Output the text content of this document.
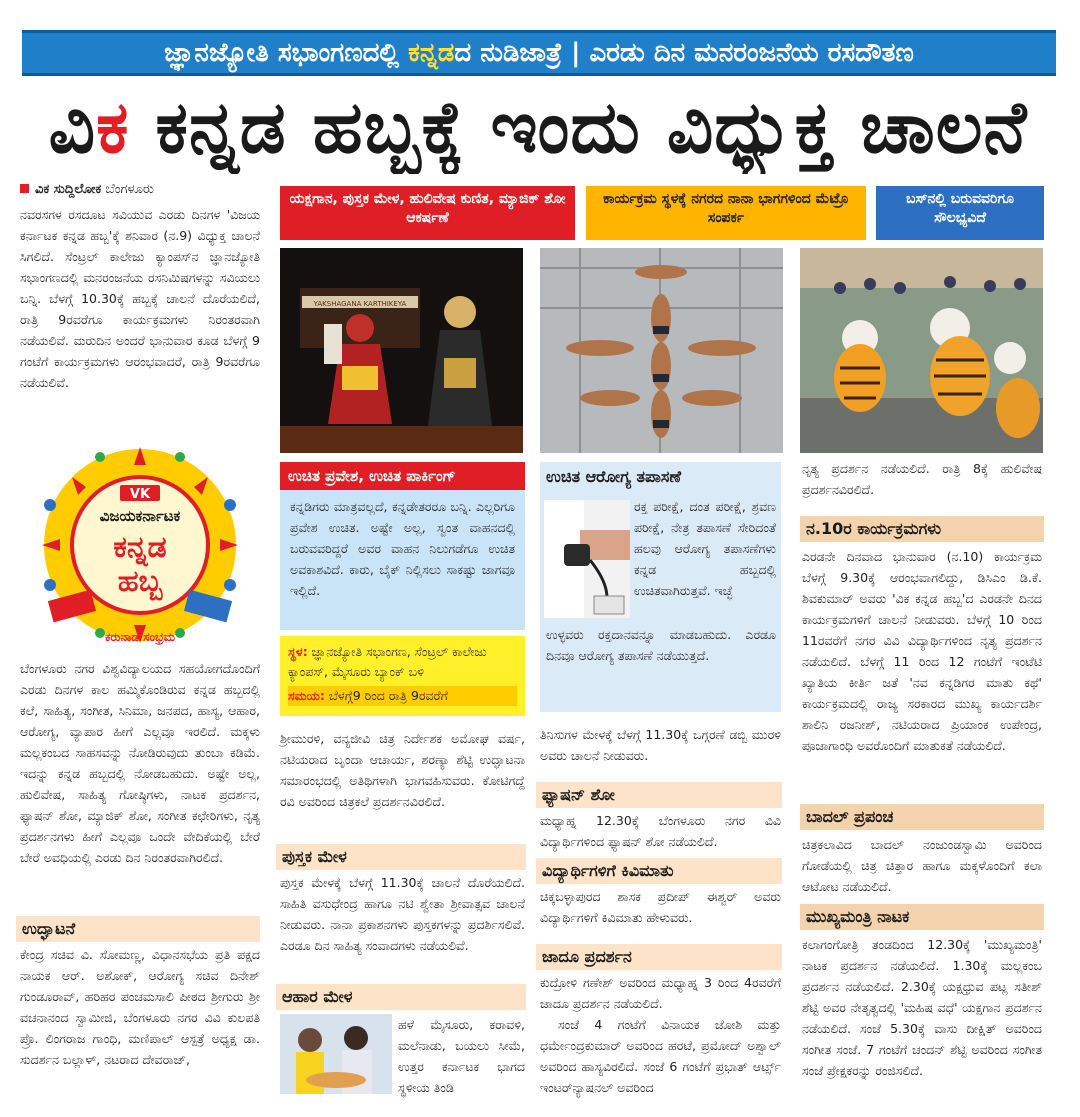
ಜ್ಞಾನಜ್ಯೋತಿ ಸಭಾಂಗಣದಲ್ಲಿ ಕನ್ನಡದ ನುಡಿಜಾತ್ರೆ | ಎರಡು ದಿನ ಮನರಂಜನೆಯ ರಸದೌತಣ
ವಿಕ ಕನ್ನಡ ಹಬ್ಬಕ್ಕೆ ಇಂದು ವಿಧ್ಯುಕ್ತ ಚಾಲನೆ
ವಿಕ ಸುದ್ದಿಲೋಕ ಬೆಂಗಳೂರು

ನವರಸಗಳ ರಸದೂಟ ಸವಿಯುವ ಎರಡು ದಿನಗಳ 'ವಿಜಯ ಕರ್ನಾಟಕ ಕನ್ನಡ ಹಬ್ಬ'ಕ್ಕೆ ಶನಿವಾರ (ನ.9) ವಿಧ್ಯುಕ್ತ ಚಾಲನೆ ಸಿಗಲಿದೆ. ಸೆಂಟ್ರಲ್ ಕಾಲೇಜು ಕ್ಯಾಂಪಸ್‌ನ ಜ್ಞಾನಜ್ಯೋತಿ ಸಭಾಂಗಣದಲ್ಲಿ ಮನರಂಜನೆಯ ರಸನಿಮಿಷಗಳನ್ನು ಸವಿಯಲು ಬನ್ನಿ. ಬೆಳಗ್ಗೆ 10.30ಕ್ಕೆ ಹಬ್ಬಕ್ಕೆ ಚಾಲನೆ ದೊರೆಯಲಿದೆ, ರಾತ್ರಿ 9ರವರೆಗೂ ಕಾರ್ಯಕ್ರಮಗಳು ನಿರಂತರವಾಗಿ ನಡೆಯಲಿವೆ. ಮರುದಿನ ಅಂದರೆ ಭಾನುವಾರ ಕೂಡ ಬೆಳಗ್ಗೆ 9 ಗಂಟೆಗೆ ಕಾರ್ಯಕ್ರಮಗಳು ಆರಂಭವಾದರೆ, ರಾತ್ರಿ 9ರವರೆಗೂ ನಡೆಯಲಿವೆ.

VK
ವಿಜಯಕರ್ನಾಟಕ
ಕನ್ನಡ
ಹಬ್ಬ
ಕರುನಾಡ ಸಂಭ್ರಮ

ಬೆಂಗಳೂರು ನಗರ ವಿಶ್ವವಿದ್ಯಾಲಯದ ಸಹಯೋಗದೊಂದಿಗೆ ಎರಡು ದಿನಗಳ ಕಾಲ ಹಮ್ಮಿಕೊಂಡಿರುವ ಕನ್ನಡ ಹಬ್ಬದಲ್ಲಿ ಕಲೆ, ಸಾಹಿತ್ಯ, ಸಂಗೀತ, ಸಿನಿಮಾ, ಜನಪದ, ಹಾಸ್ಯ, ಆಹಾರ, ಆರೋಗ್ಯ, ವ್ಯಾಪಾರ ಹೀಗೆ ಎಲ್ಲವೂ ಇರಲಿದೆ. ಮಕ್ಕಳು ಮಲ್ಲಕಂಬದ ಸಾಹಸವನ್ನು ನೋಡಿರುವುದು ತುಂಬಾ ಕಡಿಮೆ. ಇದನ್ನು ಕನ್ನಡ ಹಬ್ಬದಲ್ಲಿ ನೋಡಬಹುದು. ಅಷ್ಟೇ ಅಲ್ಲ, ಹುಲಿವೇಷ, ಸಾಹಿತ್ಯ ಗೋಷ್ಠಿಗಳು, ನಾಟಕ ಪ್ರದರ್ಶನ, ಫ್ಯಾಷನ್ ಶೋ, ಮ್ಯಾಜಿಕ್ ಶೋ, ಸಂಗೀತ ಕಛೇರಿಗಳು, ನೃತ್ಯ ಪ್ರದರ್ಶನಗಳು ಹೀಗೆ ಎಲ್ಲವೂ ಒಂದೇ ವೇದಿಕೆಯಲ್ಲಿ ಬೇರೆ ಬೇರೆ ಅವಧಿಯಲ್ಲಿ ಎರಡು ದಿನ ನಿರಂತರವಾಗಿರಲಿದೆ.

ಉದ್ಘಾಟನೆ

ಕೇಂದ್ರ ಸಚಿವ ವಿ. ಸೋಮಣ್ಣ, ವಿಧಾನಸಭೆಯ ಪ್ರತಿ ಪಕ್ಷದ ನಾಯಕ ಆರ್. ಅಶೋಕ್, ಆರೋಗ್ಯ ಸಚಿವ ದಿನೇಶ್ ಗುಂಡೂರಾವ್, ಹರಿಹರ ಪಂಚಮಸಾಲಿ ಪೀಠದ ಶ್ರೀಗುರು ಶ್ರೀ ವಚನಾನಂದ ಸ್ವಾಮೀಜಿ, ಬೆಂಗಳೂರು ನಗರ ವಿವಿ ಕುಲಪತಿ ಪ್ರೊ. ಲಿಂಗರಾಜ ಗಾಂಧಿ, ಮಣಿಪಾಲ್ ಆಸ್ಪತ್ರೆ ಅಧ್ಯಕ್ಷ ಡಾ. ಸುದರ್ಶನ ಬಲ್ಲಾಳ್, ನಟರಾದ ದೇವರಾಜ್,

ಯಕ್ಷಗಾನ, ಪುಸ್ತಕ ಮೇಳ, ಹುಲಿವೇಷ ಕುಣಿತ, ಮ್ಯಾಜಿಕ್ ಶೋ ಆಕರ್ಷಣೆ
ಕಾರ್ಯಕ್ರಮ ಸ್ಥಳಕ್ಕೆ ನಗರದ ನಾನಾ ಭಾಗಗಳಿಂದ ಮೆಟ್ರೊ ಸಂಪರ್ಕ
ಬಸ್‌ನಲ್ಲಿ ಬರುವವರಿಗೂ ಸೌಲಭ್ಯವಿದೆ
YAKSHAGANA KARTHIKEYA
ಉಚಿತ ಪ್ರವೇಶ, ಉಚಿತ ಪಾರ್ಕಿಂಗ್

ಕನ್ನಡಿಗರು ಮಾತ್ರವಲ್ಲದೆ, ಕನ್ನಡೇತರರೂ ಬನ್ನಿ. ಎಲ್ಲರಿಗೂ ಪ್ರವೇಶ ಉಚಿತ. ಅಷ್ಟೇ ಅಲ್ಲ, ಸ್ವಂತ ವಾಹನದಲ್ಲಿ ಬರುವವರಿದ್ದರೆ ಅವರ ವಾಹನ ನಿಲುಗಡೆಗೂ ಉಚಿತ ಅವಕಾಶವಿದೆ. ಕಾರು, ಬೈಕ್ ನಿಲ್ಲಿಸಲು ಸಾಕಷ್ಟು ಜಾಗವೂ ಇಲ್ಲಿದೆ.

ಸ್ಥಳ: ಜ್ಞಾನಜ್ಯೋತಿ ಸಭಾಂಗಣ, ಸೆಂಟ್ರಲ್ ಕಾಲೇಜು ಕ್ಯಾಂಪಸ್, ಮೈಸೂರು ಬ್ಯಾಂಕ್ ಬಳಿ
ಸಮಯ: ಬೆಳಗ್ಗೆ9 ರಿಂದ ರಾತ್ರಿ 9ರವರೆಗೆ

ಶ್ರೀಮುರಳಿ, ವನ್ಯಜೀವಿ ಚಿತ್ರ ನಿರ್ದೇಶಕ ಅಮೋಘ ವರ್ಷ, ನಟಿಯರಾದ ಬೃಂದಾ ಆಚಾರ್ಯ, ಶರಣ್ಯಾ ಶೆಟ್ಟಿ ಉದ್ಘಾಟನಾ ಸಮಾರಂಭದಲ್ಲಿ ಅತಿಥಿಗಳಾಗಿ ಭಾಗವಹಿಸುವರು. ಕೋಟಿಗದ್ದೆ ರವಿ ಅವರಿಂದ ಚಿತ್ರಕಲೆ ಪ್ರದರ್ಶನವಿರಲಿದೆ.

ಪುಸ್ತಕ ಮೇಳ

ಪುಸ್ತಕ ಮೇಳಕ್ಕೆ ಬೆಳಗ್ಗೆ 11.30ಕ್ಕೆ ಚಾಲನೆ ದೊರೆಯಲಿದೆ. ಸಾಹಿತಿ ವಸುಧೇಂದ್ರ ಹಾಗೂ ನಟಿ ಶ್ವೇತಾ ಶ್ರೀವಾತ್ಸವ ಚಾಲನೆ ನೀಡುವರು. ನಾನಾ ಪ್ರಕಾಶನಗಳು ಪುಸ್ತಕಗಳನ್ನು ಪ್ರದರ್ಶಿಸಲಿವೆ. ಎರಡೂ ದಿನ ಸಾಹಿತ್ಯ ಸಂವಾದಗಳು ನಡೆಯಲಿವೆ.

ಆಹಾರ ಮೇಳ

ಹಳೆ ಮೈಸೂರು, ಕರಾವಳಿ, ಮಲೆನಾಡು, ಬಯಲು ಸೀಮೆ, ಉತ್ತರ ಕರ್ನಾಟಕ ಭಾಗದ ಸ್ಥಳೀಯ ತಿಂಡಿ

ಉಚಿತ ಆರೋಗ್ಯ ತಪಾಸಣೆ

ರಕ್ತ ಪರೀಕ್ಷೆ, ದಂತ ಪರೀಕ್ಷೆ, ಶ್ರವಣ ಪರೀಕ್ಷೆ, ನೇತ್ರ ತಪಾಸಣೆ ಸೇರಿದಂತೆ ಹಲವು ಆರೋಗ್ಯ ತಪಾಸಣೆಗಳು ಕನ್ನಡ ಹಬ್ಬದಲ್ಲಿ ಉಚಿತವಾಗಿರುತ್ತವೆ. ಇಚ್ಛೆ

ಉಳ್ಳವರು ರಕ್ತದಾನವನ್ನೂ ಮಾಡಬಹುದು. ಎರಡೂ ದಿನವೂ ಆರೋಗ್ಯ ತಪಾಸಣೆ ನಡೆಯುತ್ತದೆ.

ತಿನಿಸುಗಳ ಮೇಳಕ್ಕೆ ಬೆಳಗ್ಗೆ 11.30ಕ್ಕೆ ಒಗ್ಗರಣೆ ಡಬ್ಬಿ ಮುರಳಿ ಅವರು ಚಾಲನೆ ನೀಡುವರು.

ಫ್ಯಾಷನ್ ಶೋ

ಮಧ್ಯಾಹ್ನ 12.30ಕ್ಕೆ ಬೆಂಗಳೂರು ನಗರ ವಿವಿ ವಿದ್ಯಾರ್ಥಿಗಳಿಂದ ಫ್ಯಾಷನ್ ಶೋ ನಡೆಯಲಿದೆ.

ವಿದ್ಯಾರ್ಥಿಗಳಿಗೆ ಕಿವಿಮಾತು

ಚಿಕ್ಕಬಳ್ಳಾಪುರದ ಶಾಸಕ ಪ್ರದೀಪ್ ಈಶ್ವರ್ ಅವರು ವಿದ್ಯಾರ್ಥಿಗಳಿಗೆ ಕಿವಿಮಾತು ಹೇಳುವರು.

ಜಾದೂ ಪ್ರದರ್ಶನ

ಕುದ್ರೋಳಿ ಗಣೇಶ್ ಅವರಿಂದ ಮಧ್ಯಾಹ್ನ 3 ರಿಂದ 4ರವರೆಗೆ ಜಾದೂ ಪ್ರದರ್ಶನ ನಡೆಯಲಿದೆ.

ಸಂಜೆ 4 ಗಂಟೆಗೆ ವಿನಾಯಕ ಜೋಶಿ ಮತ್ತು ಧರ್ಮೇಂದ್ರಕುಮಾರ್ ಅವರಿಂದ ಹರಟೆ, ಪ್ರಮೋದ್ ಅಶ್ವಾಲ್ ಅವರಿಂದ ಹಾಸ್ಯವಿರಲಿದೆ. ಸಂಜೆ 6 ಗಂಟೆಗೆ ಪ್ರಭಾತ್ ಆರ್ಟ್ಸ್ ಇಂಟರ್‌ನ್ಯಾಷನಲ್ ಅವರಿಂದ

ನೃತ್ಯ ಪ್ರದರ್ಶನ ನಡೆಯಲಿದೆ. ರಾತ್ರಿ 8ಕ್ಕೆ ಹುಲಿವೇಷ ಪ್ರದರ್ಶನವಿರಲಿದೆ.

ನ.10ರ ಕಾರ್ಯಕ್ರಮಗಳು

ಎರಡನೇ ದಿನವಾದ ಭಾನುವಾರ (ನ.10) ಕಾರ್ಯಕ್ರಮ ಬೆಳಗ್ಗೆ 9.30ಕ್ಕೆ ಆರಂಭವಾಗಲಿದ್ದು, ಡಿಸಿಎಂ ಡಿ.ಕೆ. ಶಿವಕುಮಾರ್ ಅವರು 'ವಿಕ ಕನ್ನಡ ಹಬ್ಬ'ದ ಎರಡನೇ ದಿನದ ಕಾರ್ಯಕ್ರಮಗಳಿಗೆ ಚಾಲನೆ ನೀಡುವರು. ಬೆಳಗ್ಗೆ 10 ರಿಂದ 11ರವರೆಗೆ ನಗರ ವಿವಿ ವಿದ್ಯಾರ್ಥಿಗಳಿಂದ ನೃತ್ಯ ಪ್ರದರ್ಶನ ನಡೆಯಲಿದೆ. ಬೆಳಗ್ಗೆ 11 ರಿಂದ 12 ಗಂಟೆಗೆ ಇಂಟೆಟಿ ಖ್ಯಾತಿಯ ಕೀರ್ತಿ ಜತೆ 'ನವ ಕನ್ನಡಿಗರ ಮಾತು ಕಥೆ' ಕಾರ್ಯಕ್ರಮದಲ್ಲಿ ರಾಜ್ಯ ಸರಕಾರದ ಮುಖ್ಯ ಕಾರ್ಯದರ್ಶಿ ಶಾಲಿನಿ ರಜನೀಶ್, ನಟಿಯರಾದ ಪ್ರಿಯಾಂಕ ಉಪೇಂದ್ರ, ಪೂಜಾಗಾಂಧಿ ಅವರೊಂದಿಗೆ ಮಾತುಕತೆ ನಡೆಯಲಿದೆ.

ಬಾದಲ್ ಪ್ರಪಂಚ

ಚಿತ್ರಕಲಾವಿದ ಬಾದಲ್ ನಂಜುಂಡಸ್ವಾಮಿ ಅವರಿಂದ ಗೋಡೆಯಲ್ಲಿ ಚಿತ್ರ ಚಿತ್ತಾರ ಹಾಗೂ ಮಕ್ಕಳೊಂದಿಗೆ ಕಲಾ ಆಟೋಟ ನಡೆಯಲಿದೆ.

ಮುಖ್ಯಮಂತ್ರಿ ನಾಟಕ

ಕಲಾಗಂಗೋತ್ರಿ ತಂಡದಿಂದ 12.30ಕ್ಕೆ 'ಮುಖ್ಯಮಂತ್ರಿ' ನಾಟಕ ಪ್ರದರ್ಶನ ನಡೆಯಲಿದೆ. 1.30ಕ್ಕೆ ಮಲ್ಲಕಂಬ ಪ್ರದರ್ಶನ ನಡೆಯಲಿದೆ. 2.30ಕ್ಕೆ ಯಕ್ಷಧ್ರುವ ಪಟ್ಲ ಸತೀಶ್ ಶೆಟ್ಟಿ ಅವರ ನೇತೃತ್ವದಲ್ಲಿ 'ಮಹಿಷ ವಧೆ' ಯಕ್ಷಗಾನ ಪ್ರದರ್ಶನ ನಡೆಯಲಿದೆ. ಸಂಜೆ 5.30ಕ್ಕೆ ವಾಸು ದೀಕ್ಷಿತ್ ಅವರಿಂದ ಸಂಗೀತ ಸಂಜೆ. 7 ಗಂಟೆಗೆ ಚಂದನ್ ಶೆಟ್ಟಿ ಅವರಿಂದ ಸಂಗೀತ ಸಂಜೆ ಪ್ರೇಕ್ಷಕರನ್ನು ರಂಜಿಸಲಿದೆ.
